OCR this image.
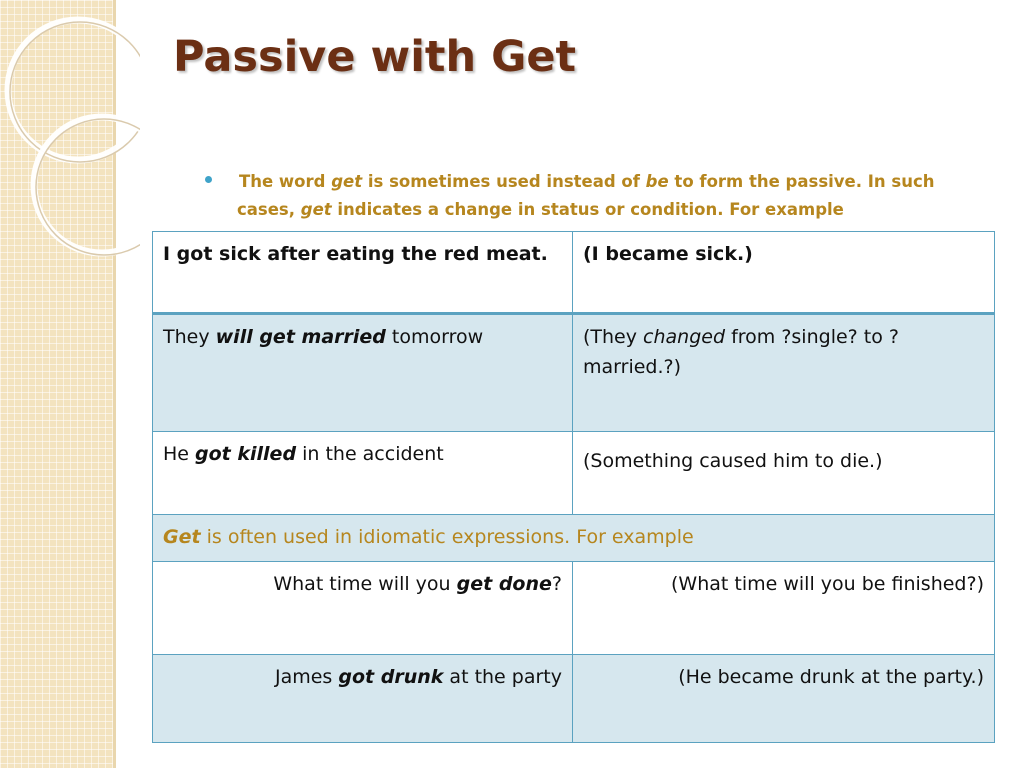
Passive with Get

The word get is sometimes used instead of be to form the passive. In such cases, get indicates a change in status or condition. For example

I got sick after eating the red meat.	(I became sick.)
They will get married tomorrow	(They changed from ?single? to ?married.?)
He got killed in the accident	(Something caused him to die.)
Get is often used in idiomatic expressions. For example	
What time will you get done?	(What time will you be finished?)
James got drunk at the party	(He became drunk at the party.)
